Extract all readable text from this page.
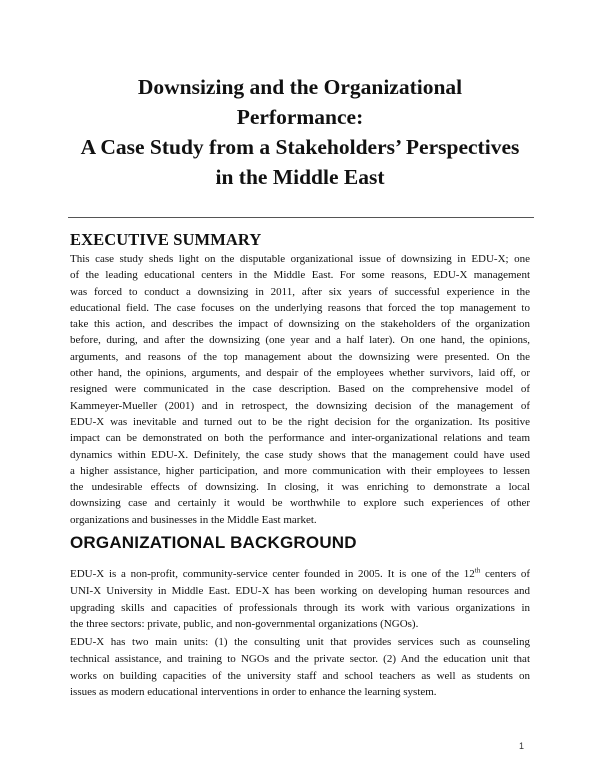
Downsizing and the Organizational
Performance:
A Case Study from a Stakeholders’ Perspectives
in the Middle East
EXECUTIVE SUMMARY
This case study sheds light on the disputable organizational issue of downsizing in EDU-X; one
of the leading educational centers in the Middle East. For some reasons, EDU-X management
was forced to conduct a downsizing in 2011, after six years of successful experience in the
educational field. The case focuses on the underlying reasons that forced the top management to
take this action, and describes the impact of downsizing on the stakeholders of the organization
before, during, and after the downsizing (one year and a half later). On one hand, the opinions,
arguments, and reasons of the top management about the downsizing were presented. On the
other hand, the opinions, arguments, and despair of the employees whether survivors, laid off, or
resigned were communicated in the case description. Based on the comprehensive model of
Kammeyer-Mueller (2001) and in retrospect, the downsizing decision of the management of
EDU-X was inevitable and turned out to be the right decision for the organization. Its positive
impact can be demonstrated on both the performance and inter-organizational relations and team
dynamics within EDU-X. Definitely, the case study shows that the management could have used
a higher assistance, higher participation, and more communication with their employees to lessen
the undesirable effects of downsizing. In closing, it was enriching to demonstrate a local
downsizing case and certainly it would be worthwhile to explore such experiences of other
organizations and businesses in the Middle East market.
ORGANIZATIONAL BACKGROUND
EDU-X is a non-profit, community-service center founded in 2005. It is one of the 12th centers of
UNI-X University in Middle East. EDU-X has been working on developing human resources and
upgrading skills and capacities of professionals through its work with various organizations in
the three sectors: private, public, and non-governmental organizations (NGOs).
EDU-X has two main units: (1) the consulting unit that provides services such as counseling
technical assistance, and training to NGOs and the private sector. (2) And the education unit that
works on building capacities of the university staff and school teachers as well as students on
issues as modern educational interventions in order to enhance the learning system.
1
